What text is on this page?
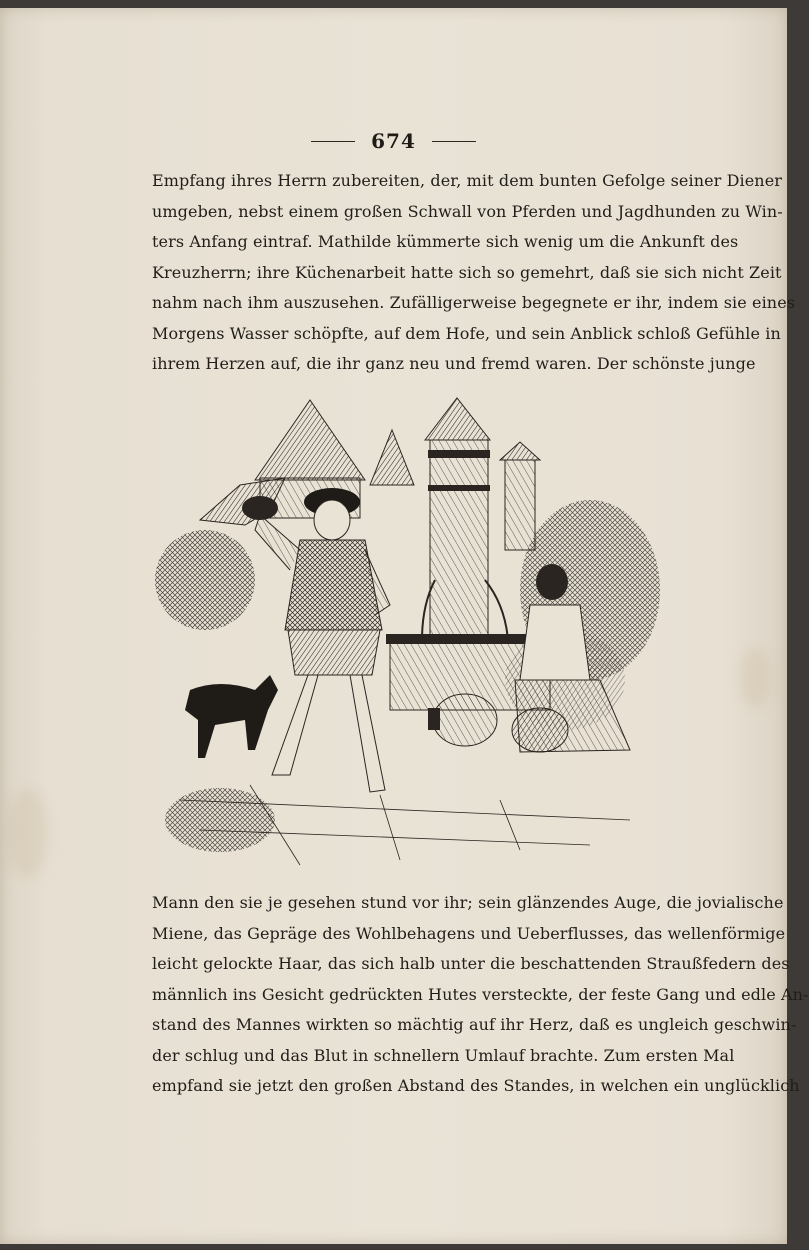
674
Empfang ihres Herrn zubereiten, der, mit dem bunten Gefolge seiner Diener
umgeben, nebst einem großen Schwall von Pferden und Jagdhunden zu Win-
ters Anfang eintraf. Mathilde kümmerte sich wenig um die Ankunft des
Kreuzherrn; ihre Küchenarbeit hatte sich so gemehrt, daß sie sich nicht Zeit
nahm nach ihm auszusehen. Zufälligerweise begegnete er ihr, indem sie eines
Morgens Wasser schöpfte, auf dem Hofe, und sein Anblick schloß Gefühle in
ihrem Herzen auf, die ihr ganz neu und fremd waren. Der schönste junge
Mann den sie je gesehen stund vor ihr; sein glänzendes Auge, die jovialische
Miene, das Gepräge des Wohlbehagens und Ueberflusses, das wellenförmige
leicht gelockte Haar, das sich halb unter die beschattenden Straußfedern des
männlich ins Gesicht gedrückten Hutes versteckte, der feste Gang und edle An-
stand des Mannes wirkten so mächtig auf ihr Herz, daß es ungleich geschwin-
der schlug und das Blut in schnellern Umlauf brachte. Zum ersten Mal
empfand sie jetzt den großen Abstand des Standes, in welchen ein unglücklich
